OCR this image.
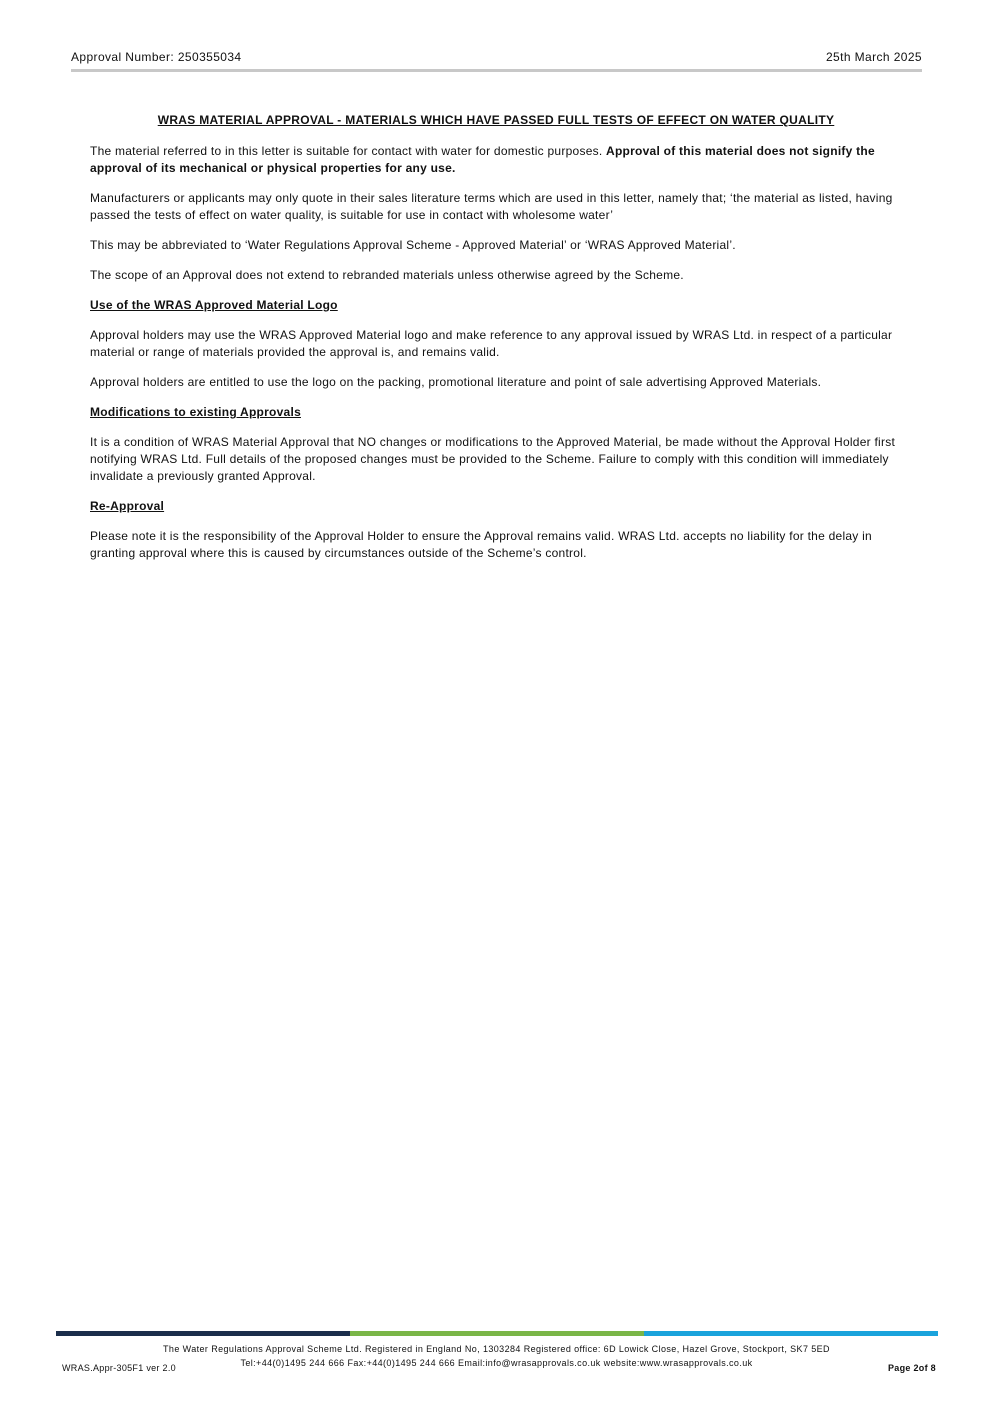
Approval Number: 250355034	25th March 2025
WRAS MATERIAL APPROVAL - MATERIALS WHICH HAVE PASSED FULL TESTS OF EFFECT ON WATER QUALITY

The material referred to in this letter is suitable for contact with water for domestic purposes. Approval of this material does not signify the approval of its mechanical or physical properties for any use.

Manufacturers or applicants may only quote in their sales literature terms which are used in this letter, namely that; ‘the material as listed, having passed the tests of effect on water quality, is suitable for use in contact with wholesome water’

This may be abbreviated to ‘Water Regulations Approval Scheme - Approved Material’ or ‘WRAS Approved Material’.

The scope of an Approval does not extend to rebranded materials unless otherwise agreed by the Scheme.

Use of the WRAS Approved Material Logo

Approval holders may use the WRAS Approved Material logo and make reference to any approval issued by WRAS Ltd. in respect of a particular material or range of materials provided the approval is, and remains valid.

Approval holders are entitled to use the logo on the packing, promotional literature and point of sale advertising Approved Materials.

Modifications to existing Approvals

It is a condition of WRAS Material Approval that NO changes or modifications to the Approved Material, be made without the Approval Holder first notifying WRAS Ltd. Full details of the proposed changes must be provided to the Scheme. Failure to comply with this condition will immediately invalidate a previously granted Approval.

Re-Approval

Please note it is the responsibility of the Approval Holder to ensure the Approval remains valid. WRAS Ltd. accepts no liability for the delay in granting approval where this is caused by circumstances outside of the Scheme’s control.

The Water Regulations Approval Scheme Ltd. Registered in England No, 1303284 Registered office: 6D Lowick Close, Hazel Grove, Stockport, SK7 5ED
Tel:+44(0)1495 244 666 Fax:+44(0)1495 244 666 Email:info@wrasapprovals.co.uk website:www.wrasapprovals.co.uk
WRAS.Appr-305F1 ver 2.0	Page 2of 8
